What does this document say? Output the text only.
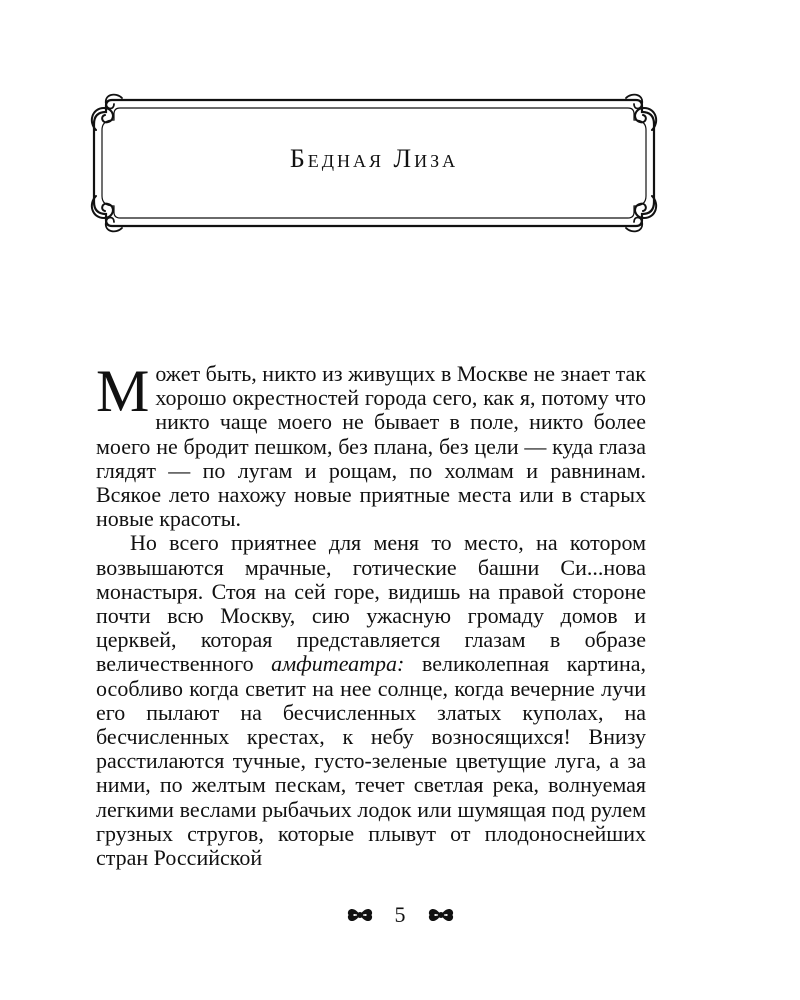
Бедная Лиза

Может быть, никто из живущих в Москве не знает так хорошо окрестностей города сего, как я, потому что никто чаще моего не бывает в поле, никто более моего не бродит пешком, без плана, без цели — куда глаза глядят — по лугам и рощам, по холмам и равнинам. Всякое лето нахожу новые приятные места или в старых новые красоты.

Но всего приятнее для меня то место, на котором возвышаются мрачные, готические башни Си...нова монастыря. Стоя на сей горе, видишь на правой стороне почти всю Москву, сию ужасную громаду домов и церквей, которая представляется глазам в образе величественного амфитеатра: великолепная картина, особливо когда светит на нее солнце, когда вечерние лучи его пылают на бесчисленных златых куполах, на бесчисленных крестах, к небу возносящихся! Внизу расстилаются тучные, густо-зеленые цветущие луга, а за ними, по желтым пескам, течет светлая река, волнуемая легкими веслами рыбачьих лодок или шумящая под рулем грузных стругов, которые плывут от плодоноснейших стран Российской

5
